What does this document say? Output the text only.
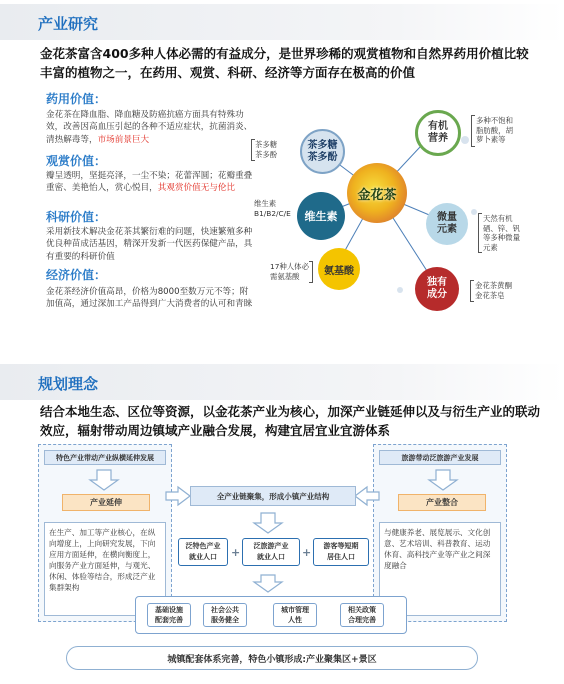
产业研究
金花茶富含400多种人体必需的有益成分，是世界珍稀的观赏植物和自然界药用价植比较丰富的植物之一，在药用、观赏、科研、经济等方面存在极高的价值
药用价值：
金花茶在降血脂、降血糖及防癌抗癌方面具有特殊功效，改善因高血压引起的各种不适应症状，抗菌消炎、清热解毒等，市场前景巨大
观赏价值：
瓣呈透明，坚挺亮泽，一尘不染；花蕾浑圆；花瓣重叠重密、美艳怡人，赏心悦目，其观赏价值无与伦比
科研价值：
采用新技术解决金花茶其繁衍难的问题，快速繁殖多种优良种苗成活基因，精深开发新一代医药保健产品，具有重要的科研价值
经济价值：
金花茶经济价值高昂，价格为8000至数万元不等；附加值高，通过深加工产品得到广大消费者的认可和青睐
金花茶
茶多糖
茶多酚
茶多糖
茶多酚
维生素
维生素
B1/B2/C/E
氨基酸
17种人体必
需氨基酸
有机
营养
多种不饱和
脂肪酸，胡
萝卜素等
微量
元素
天然有机
硒、锌、钒
等多种微量
元素
独有
成分
金花茶黄酮
金花茶皂
规划理念
结合本地生态、区位等资源，以金花茶产业为核心，加深产业链延伸以及与衍生产业的联动效应，辐射带动周边镇域产业融合发展，构建宜居宜业宜游体系
特色产业带动产业纵横延伸发展
产业延伸
在生产、加工等产业核心，在纵向增度上，上向研究发展，下向应用方面延伸，在横向衡度上，向服务产业方面延伸，与观光、休闲、体验等结合，形成泛产业集群架构
旅游带动泛旅游产业发展
产业整合
与健康养老、展览展示、文化创意、艺术培训、科普教育、运动休育、高科技产业等产业之间深度融合
+	+
全产业链聚集，形成小镇产业结构
泛特色产业
就业人口
泛旅游产业
就业人口
游客等短期
居住人口
基础设施
配套完善
社会公共
服务健全
城市管理
人性
相关政策
合理完善
城镇配套体系完善，特色小镇形成:产业聚集区+景区
